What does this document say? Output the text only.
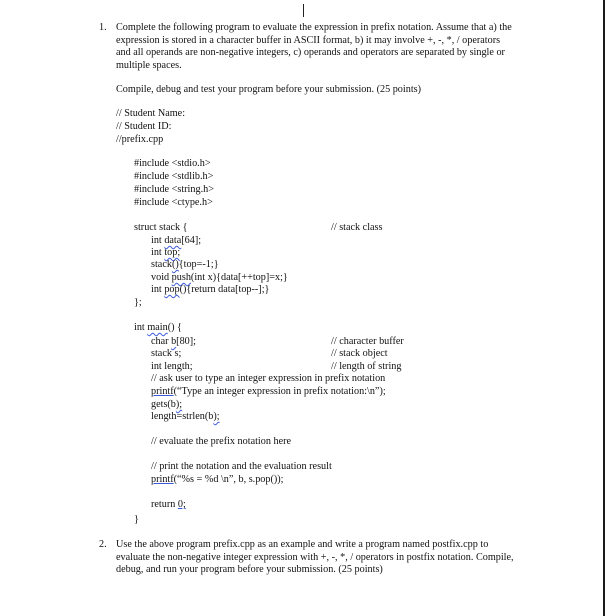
1. Complete the following program to evaluate the expression in prefix notation. Assume that a) the expression is stored in a character buffer in ASCII format, b) it may involve +, -, *, / operators and all operands are non-negative integers, c) operands and operators are separated by single or multiple spaces.
Compile, debug and test your program before your submission. (25 points)
// Student Name:
// Student ID:
//prefix.cpp
#include <stdio.h>
#include <stdlib.h>
#include <string.h>
#include <ctype.h>
struct stack {	// stack class
int data[64];
int top;
stack(){top=-1;}
void push(int x){data[++top]=x;}
int pop(){return data[top--];}
};
int main() {
char b[80];	// character buffer
stack s;	// stack object
int length;	// length of string
// ask user to type an integer expression in prefix notation
printf(“Type an integer expression in prefix notation:\n”);
gets(b);
length=strlen(b);
// evaluate the prefix notation here
// print the notation and the evaluation result
printf(“%s = %d \n”, b, s.pop());
return 0;
}
2. Use the above program prefix.cpp as an example and write a program named postfix.cpp to evaluate the non-negative integer expression with +, -, *, / operators in postfix notation. Compile, debug, and run your program before your submission. (25 points)
